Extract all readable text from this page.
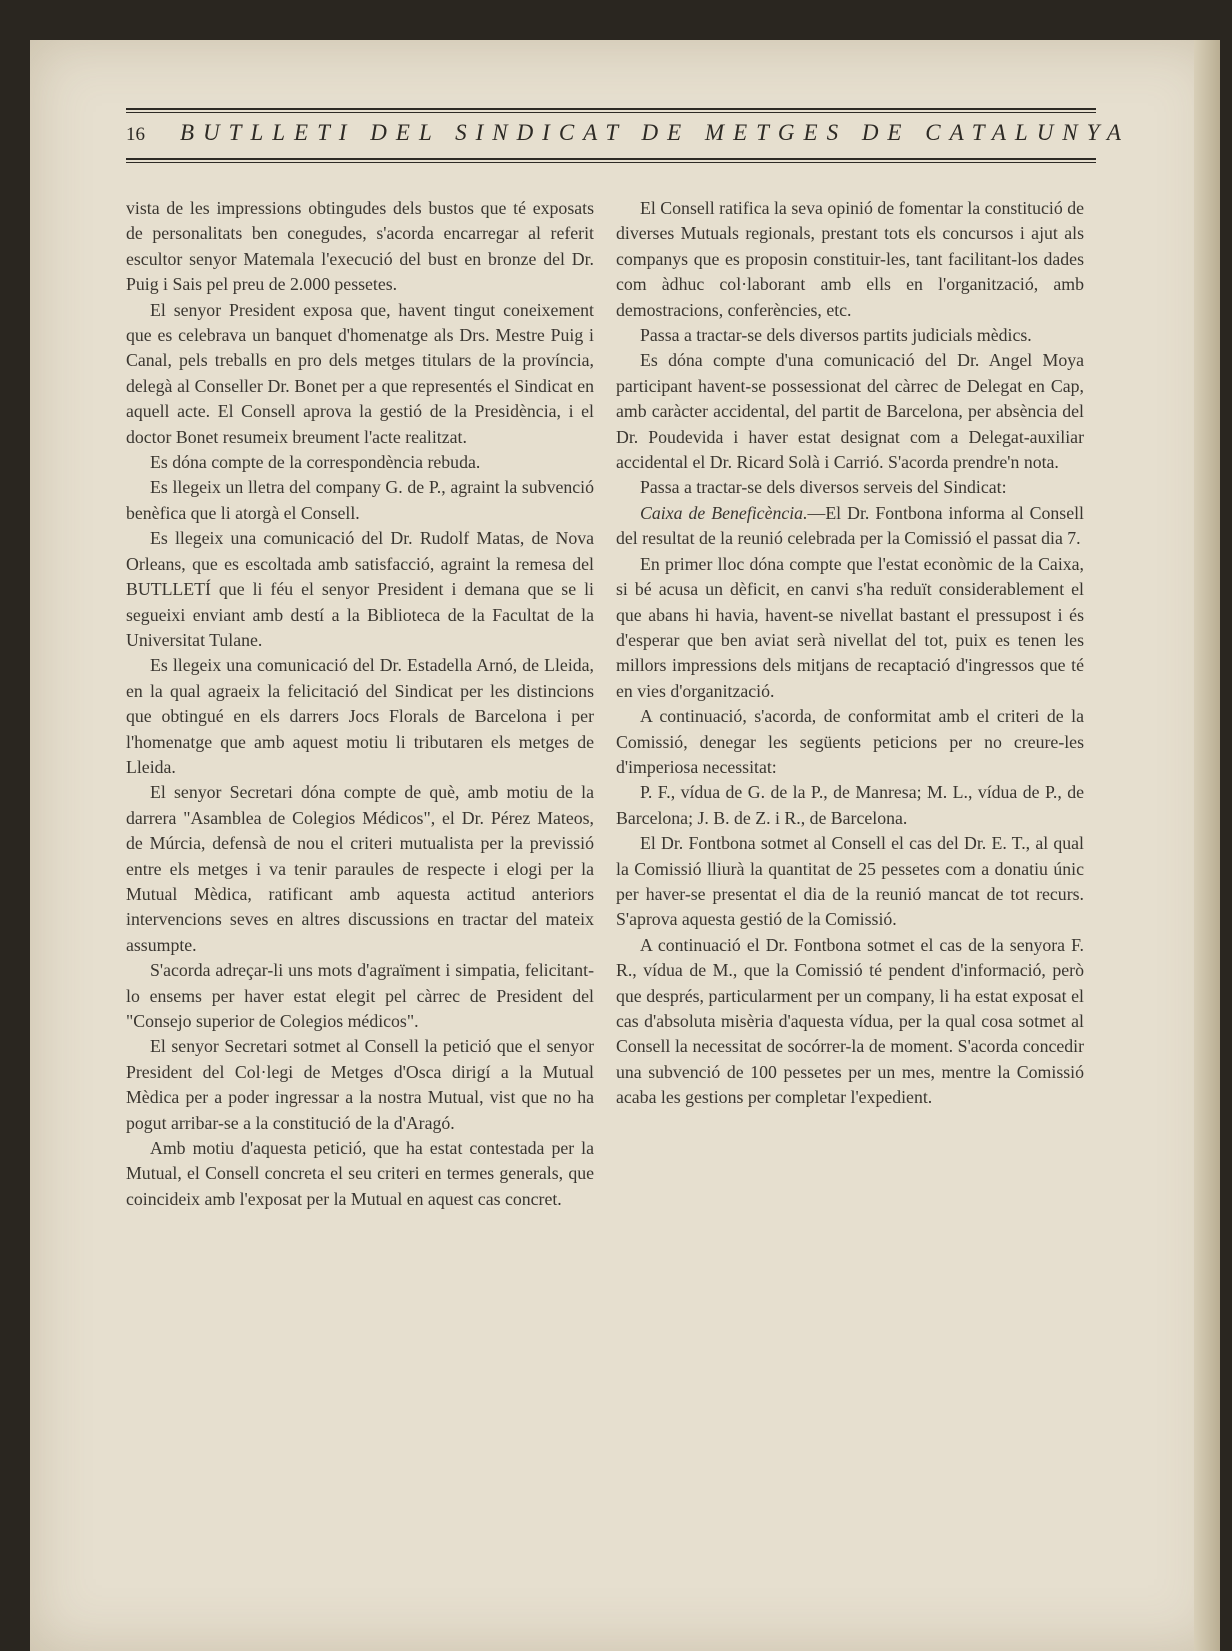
16 BUTLLETI DEL SINDICAT DE METGES DE CATALUNYA

vista de les impressions obtingudes dels bustos que té exposats de personalitats ben conegudes, s'acorda encarregar al referit escultor senyor Matemala l'execució del bust en bronze del Dr. Puig i Sais pel preu de 2.000 pessetes.

El senyor President exposa que, havent tingut coneixement que es celebrava un banquet d'homenatge als Drs. Mestre Puig i Canal, pels treballs en pro dels metges titulars de la província, delegà al Conseller Dr. Bonet per a que representés el Sindicat en aquell acte. El Consell aprova la gestió de la Presidència, i el doctor Bonet resumeix breument l'acte realitzat.

Es dóna compte de la correspondència rebuda.

Es llegeix un lletra del company G. de P., agraint la subvenció benèfica que li atorgà el Consell.

Es llegeix una comunicació del Dr. Rudolf Matas, de Nova Orleans, que es escoltada amb satisfacció, agraint la remesa del BUTLLETÍ que li féu el senyor President i demana que se li segueixi enviant amb destí a la Biblioteca de la Facultat de la Universitat Tulane.

Es llegeix una comunicació del Dr. Estadella Arnó, de Lleida, en la qual agraeix la felicitació del Sindicat per les distincions que obtingué en els darrers Jocs Florals de Barcelona i per l'homenatge que amb aquest motiu li tributaren els metges de Lleida.

El senyor Secretari dóna compte de què, amb motiu de la darrera "Asamblea de Colegios Médicos", el Dr. Pérez Mateos, de Múrcia, defensà de nou el criteri mutualista per la previssió entre els metges i va tenir paraules de respecte i elogi per la Mutual Mèdica, ratificant amb aquesta actitud anteriors intervencions seves en altres discussions en tractar del mateix assumpte.

S'acorda adreçar-li uns mots d'agraïment i simpatia, felicitant-lo ensems per haver estat elegit pel càrrec de President del "Consejo superior de Colegios médicos".

El senyor Secretari sotmet al Consell la petició que el senyor President del Col·legi de Metges d'Osca dirigí a la Mutual Mèdica per a poder ingressar a la nostra Mutual, vist que no ha pogut arribar-se a la constitució de la d'Aragó.

Amb motiu d'aquesta petició, que ha estat contestada per la Mutual, el Consell concreta el seu criteri en termes generals, que coincideix amb l'exposat per la Mutual en aquest cas concret.

El Consell ratifica la seva opinió de fomentar la constitució de diverses Mutuals regionals, prestant tots els concursos i ajut als companys que es proposin constituir-les, tant facilitant-los dades com àdhuc col·laborant amb ells en l'organització, amb demostracions, conferències, etc.

Passa a tractar-se dels diversos partits judicials mèdics.

Es dóna compte d'una comunicació del Dr. Angel Moya participant havent-se possessionat del càrrec de Delegat en Cap, amb caràcter accidental, del partit de Barcelona, per absència del Dr. Poudevida i haver estat designat com a Delegat-auxiliar accidental el Dr. Ricard Solà i Carrió. S'acorda prendre'n nota.

Passa a tractar-se dels diversos serveis del Sindicat:

Caixa de Beneficència.—El Dr. Fontbona informa al Consell del resultat de la reunió celebrada per la Comissió el passat dia 7.

En primer lloc dóna compte que l'estat econòmic de la Caixa, si bé acusa un dèficit, en canvi s'ha reduït considerablement el que abans hi havia, havent-se nivellat bastant el pressupost i és d'esperar que ben aviat serà nivellat del tot, puix es tenen les millors impressions dels mitjans de recaptació d'ingressos que té en vies d'organització.

A continuació, s'acorda, de conformitat amb el criteri de la Comissió, denegar les següents peticions per no creure-les d'imperiosa necessitat:

P. F., vídua de G. de la P., de Manresa; M. L., vídua de P., de Barcelona; J. B. de Z. i R., de Barcelona.

El Dr. Fontbona sotmet al Consell el cas del Dr. E. T., al qual la Comissió lliurà la quantitat de 25 pessetes com a donatiu únic per haver-se presentat el dia de la reunió mancat de tot recurs. S'aprova aquesta gestió de la Comissió.

A continuació el Dr. Fontbona sotmet el cas de la senyora F. R., vídua de M., que la Comissió té pendent d'informació, però que després, particularment per un company, li ha estat exposat el cas d'absoluta misèria d'aquesta vídua, per la qual cosa sotmet al Consell la necessitat de socórrer-la de moment. S'acorda concedir una subvenció de 100 pessetes per un mes, mentre la Comissió acaba les gestions per completar l'expedient.
